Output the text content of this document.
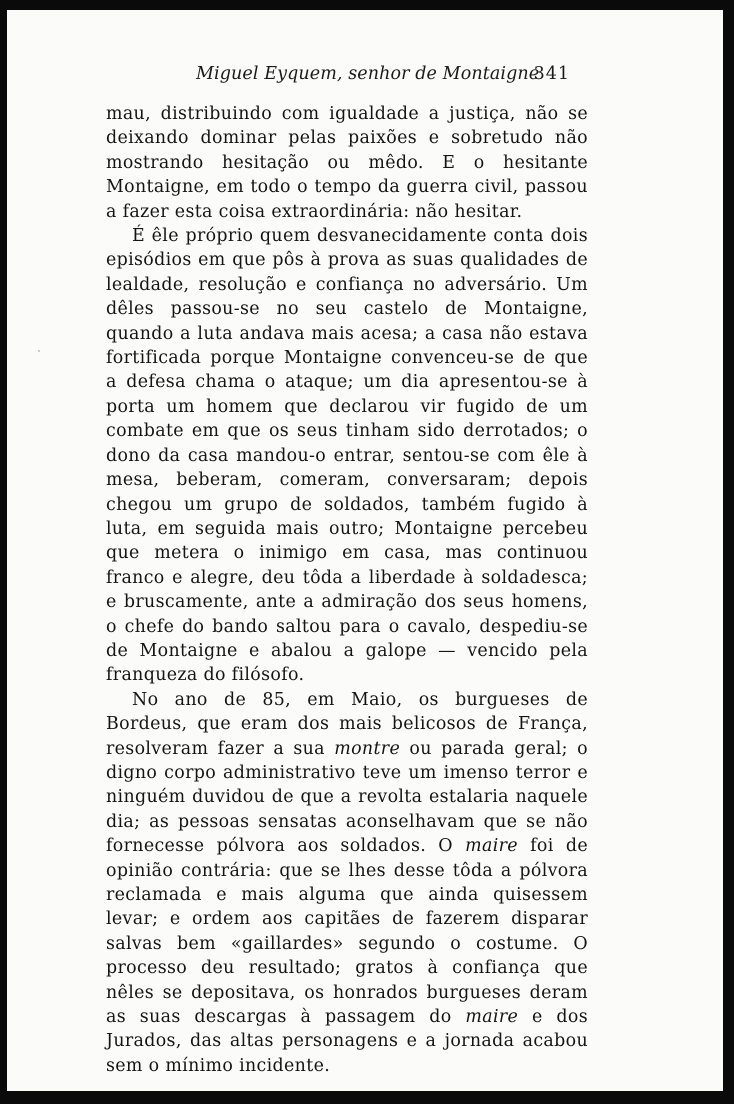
Miguel Eyquem, senhor de Montaigne
341

mau, distribuindo com igualdade a justiça, não se deixando dominar pelas paixões e sobretudo não mostrando hesitação ou mêdo. E o hesitante Montaigne, em todo o tempo da guerra civil, passou a fazer esta coisa extraordinária: não hesitar.

É êle próprio quem desvanecidamente conta dois episódios em que pôs à prova as suas qualidades de lealdade, resolução e confiança no adversário. Um dêles passou-se no seu castelo de Montaigne, quando a luta andava mais acesa; a casa não estava fortificada porque Montaigne convenceu-se de que a defesa chama o ataque; um dia apresentou-se à porta um homem que declarou vir fugido de um combate em que os seus tinham sido derrotados; o dono da casa mandou-o entrar, sentou-se com êle à mesa, beberam, comeram, conversaram; depois chegou um grupo de soldados, também fugido à luta, em seguida mais outro; Montaigne percebeu que metera o inimigo em casa, mas continuou franco e alegre, deu tôda a liberdade à soldadesca; e bruscamente, ante a admiração dos seus homens, o chefe do bando saltou para o cavalo, despediu-se de Montaigne e abalou a galope — vencido pela franqueza do filósofo.

No ano de 85, em Maio, os burgueses de Bordeus, que eram dos mais belicosos de França, resolveram fazer a sua montre ou parada geral; o digno corpo administrativo teve um imenso terror e ninguém duvidou de que a revolta estalaria naquele dia; as pessoas sensatas aconselhavam que se não fornecesse pólvora aos soldados. O maire foi de opinião contrária: que se lhes desse tôda a pólvora reclamada e mais alguma que ainda quisessem levar; e ordem aos capitães de fazerem disparar salvas bem «gaillardes» segundo o costume. O processo deu resultado; gratos à confiança que nêles se depositava, os honrados burgueses deram as suas descargas à passagem do maire e dos Jurados, das altas personagens e a jornada acabou sem o mínimo incidente.
